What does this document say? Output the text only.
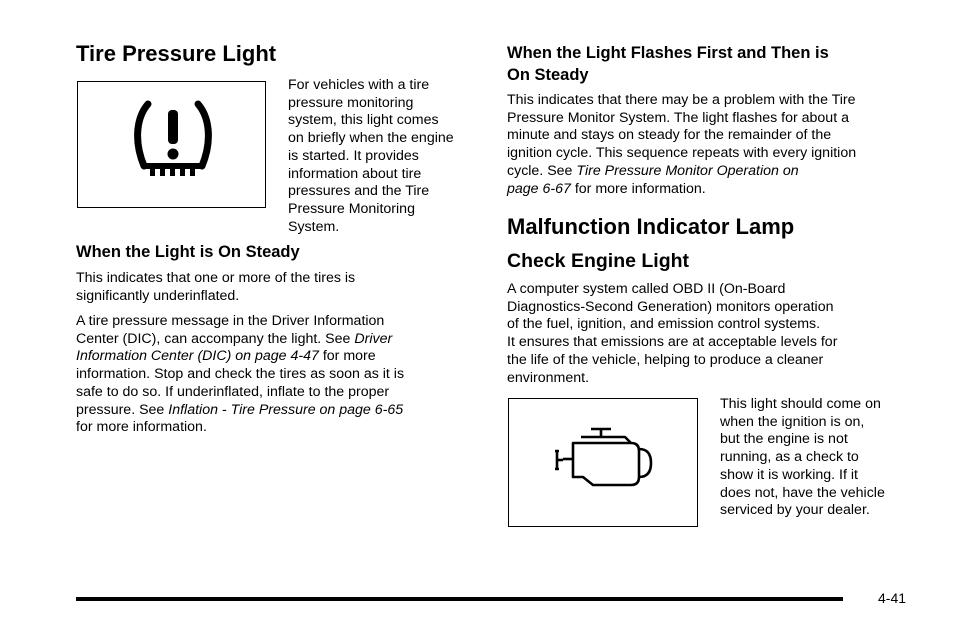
Tire Pressure Light

For vehicles with a tire
pressure monitoring
system, this light comes
on briefly when the engine
is started. It provides
information about tire
pressures and the Tire
Pressure Monitoring
System.

When the Light is On Steady

This indicates that one or more of the tires is
significantly underinflated.

A tire pressure message in the Driver Information
Center (DIC), can accompany the light. See Driver
Information Center (DIC) on page 4-47 for more
information. Stop and check the tires as soon as it is
safe to do so. If underinflated, inflate to the proper
pressure. See Inflation - Tire Pressure on page 6-65
for more information.

When the Light Flashes First and Then is
On Steady

This indicates that there may be a problem with the Tire
Pressure Monitor System. The light flashes for about a
minute and stays on steady for the remainder of the
ignition cycle. This sequence repeats with every ignition
cycle. See Tire Pressure Monitor Operation on
page 6-67 for more information.

Malfunction Indicator Lamp
Check Engine Light

A computer system called OBD II (On-Board
Diagnostics-Second Generation) monitors operation
of the fuel, ignition, and emission control systems.
It ensures that emissions are at acceptable levels for
the life of the vehicle, helping to produce a cleaner
environment.

This light should come on
when the ignition is on,
but the engine is not
running, as a check to
show it is working. If it
does not, have the vehicle
serviced by your dealer.

4-41
